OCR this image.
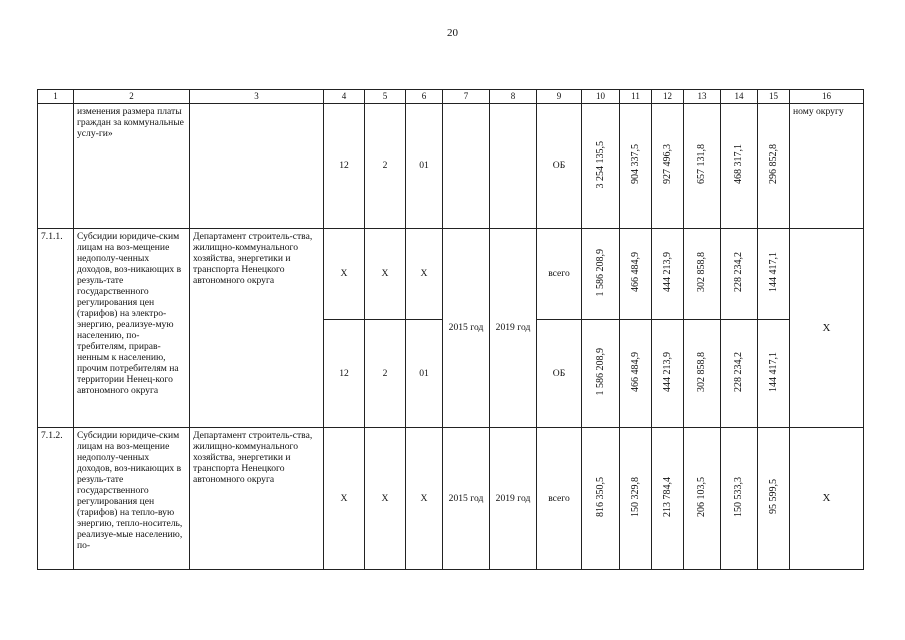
20
1	2	3	4	5	6	7	8	9	10	11	12	13	14	15	16
	изменения размера платы граждан за коммунальные услу-ги»		12	2	01			ОБ	3 254 135,5	904 337,5	927 496,3	657 131,8	468 317,1	296 852,8	ному округу
7.1.1.	Субсидии юридиче-ским лицам на воз-мещение недополу-ченных доходов, воз-никающих в резуль-тате государственного регулирования цен (тарифов) на электро-энергию, реализуе-мую населению, по-требителям, прирав-ненным к населению, прочим потребителям на территории Ненец-кого автономного округа	Департамент строитель-ства, жилищно-коммунального хозяйства, энергетики и транспорта Ненецкого автономного округа	Х	Х	Х	2015 год	2019 год	всего	1 586 208,9	466 484,9	444 213,9	302 858,8	228 234,2	144 417,1	Х
			12	2	01			ОБ	1 586 208,9	466 484,9	444 213,9	302 858,8	228 234,2	144 417,1	
7.1.2.	Субсидии юридиче-ским лицам на воз-мещение недополу-ченных доходов, воз-никающих в резуль-тате государственного регулирования цен (тарифов) на тепло-вую энергию, тепло-носитель, реализуе-мые населению, по-	Департамент строитель-ства, жилищно-коммунального хозяйства, энергетики и транспорта Ненецкого автономного округа	Х	Х	Х	2015 год	2019 год	всего	816 350,5	150 329,8	213 784,4	206 103,5	150 533,3	95 599,5	Х
